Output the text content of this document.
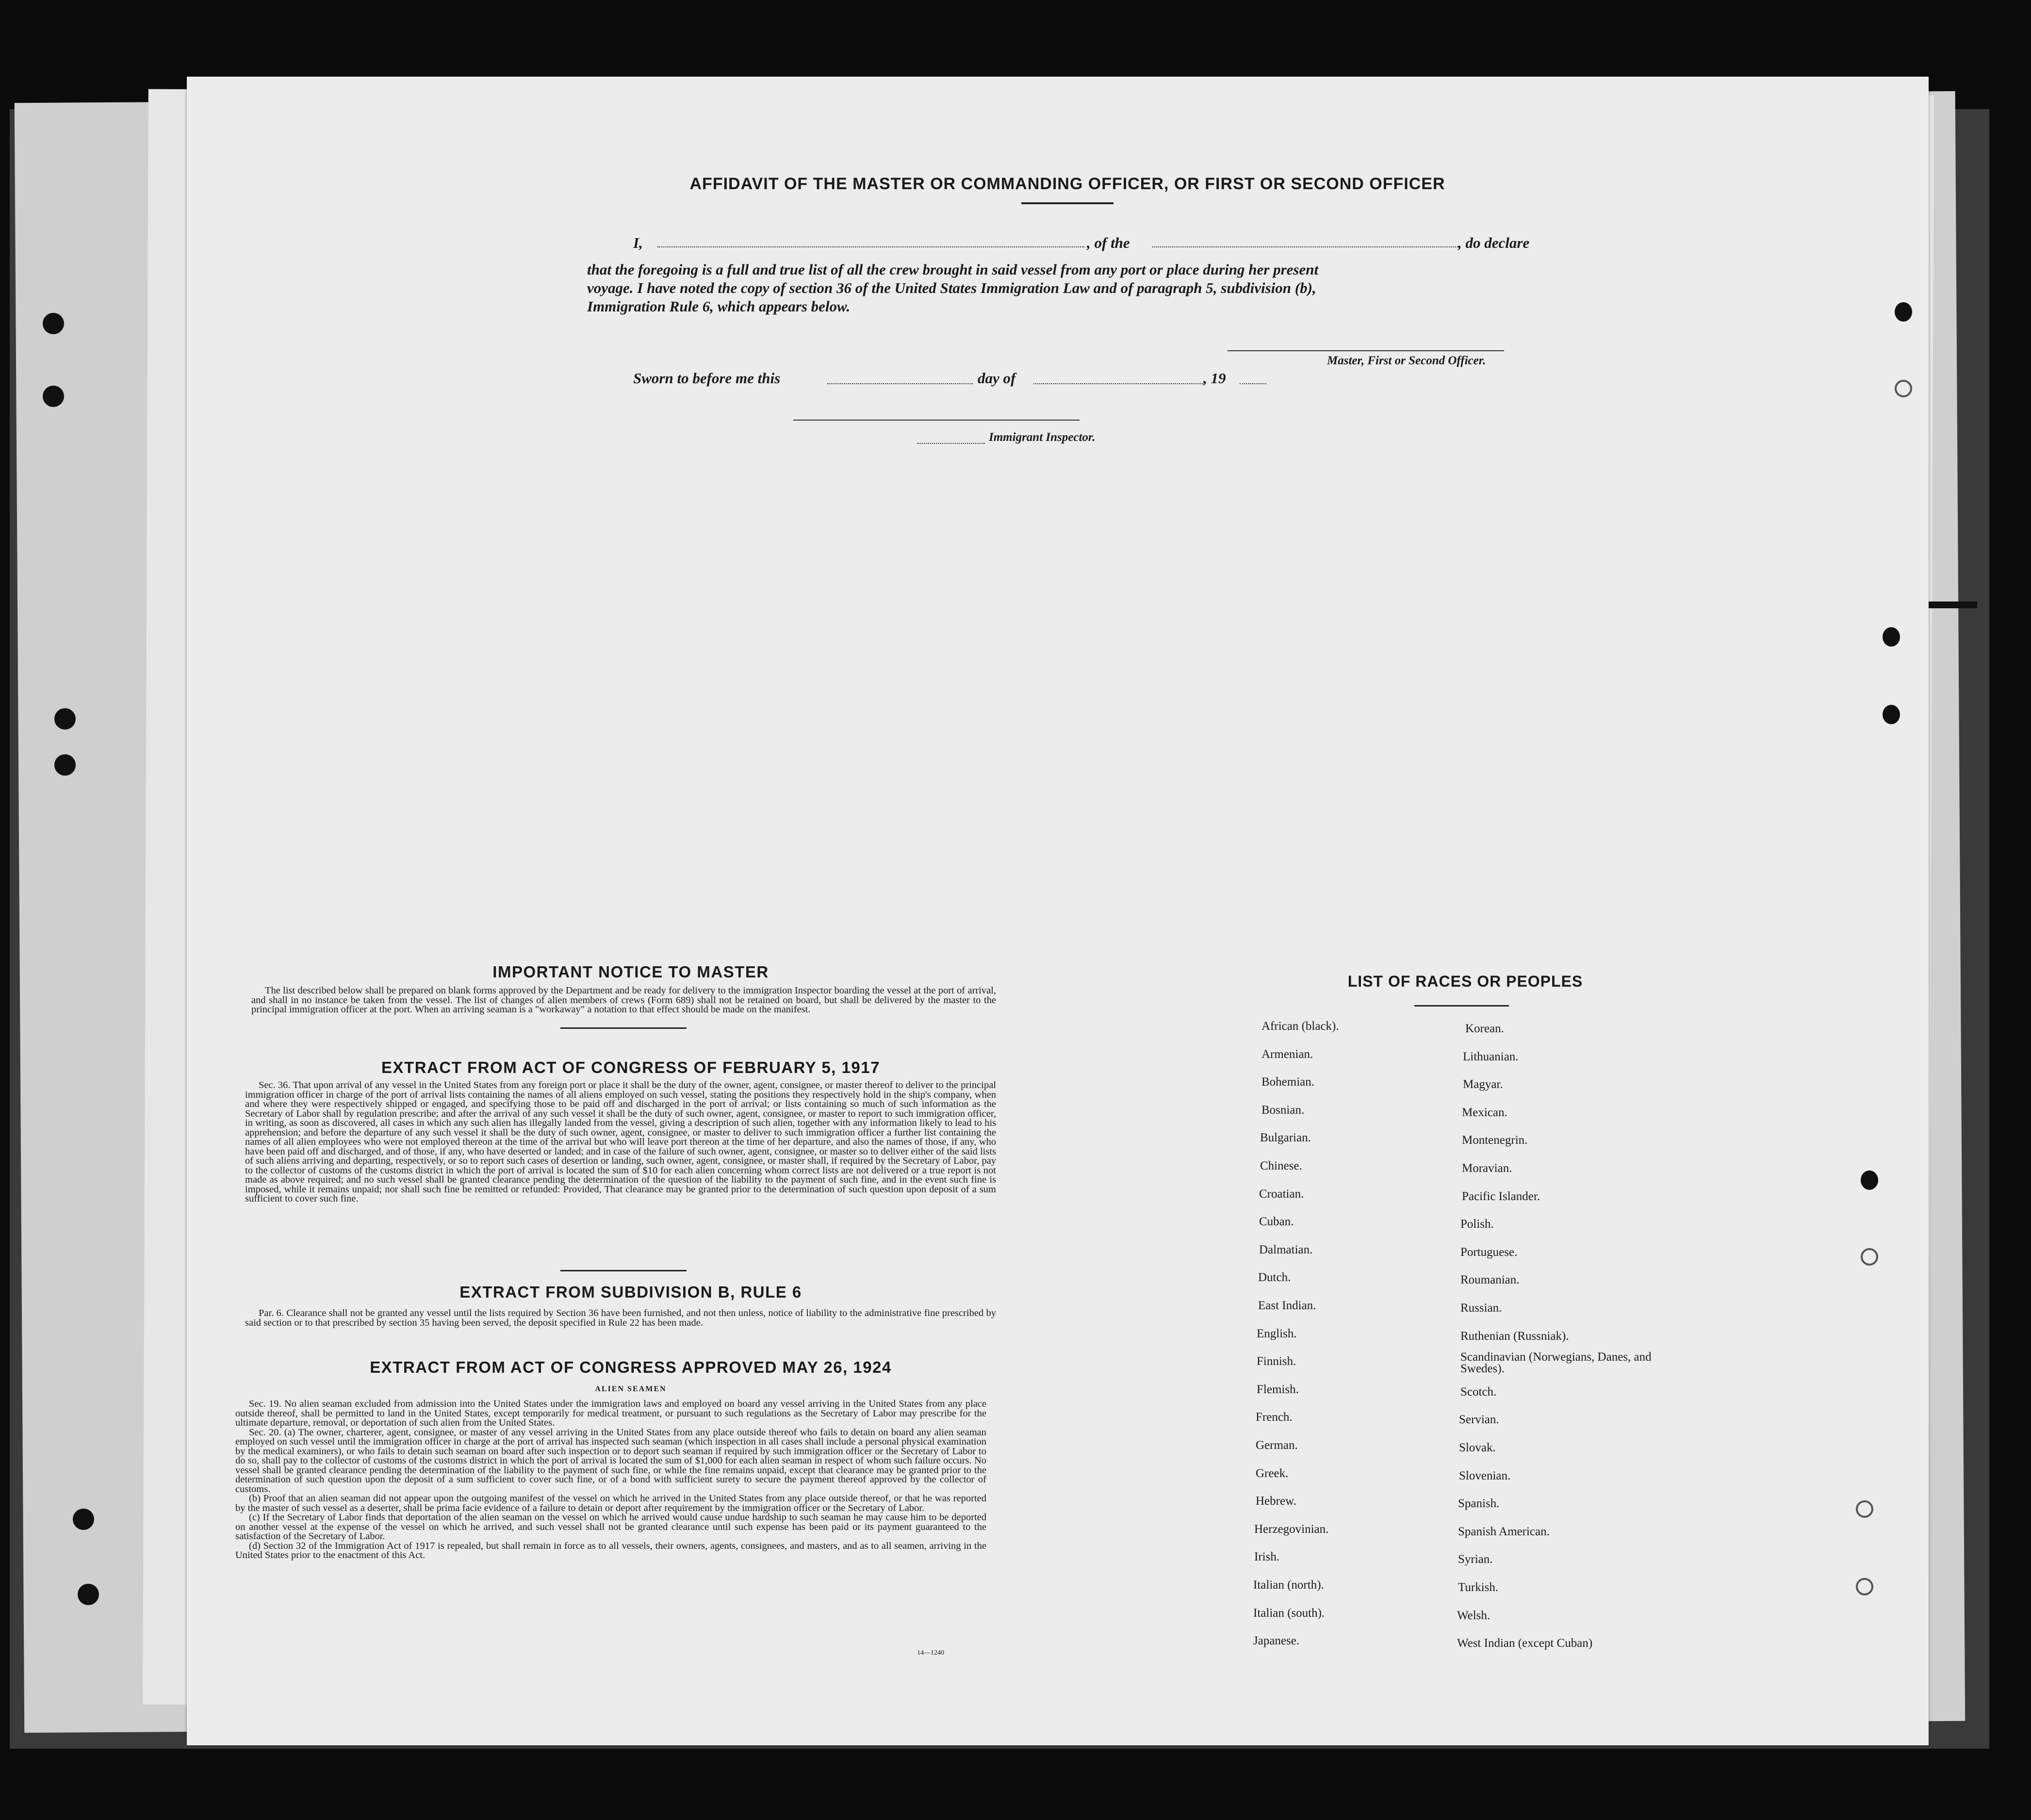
AFFIDAVIT OF THE MASTER OR COMMANDING OFFICER, OR FIRST OR SECOND OFFICER
I,	, of the	, do declare
that the foregoing is a full and true list of all the crew brought in said vessel from any port or place during her present
voyage. I have noted the copy of section 36 of the United States Immigration Law and of paragraph 5, subdivision (b),
Immigration Rule 6, which appears below.
Master, First or Second Officer.
Sworn to before me this	day of	, 19
Immigrant Inspector.
IMPORTANT NOTICE TO MASTER

The list described below shall be prepared on blank forms approved by the Department and be ready for delivery to the immigration Inspector boarding the vessel at the port of arrival, and shall in no instance be taken from the vessel. The list of changes of alien members of crews (Form 689) shall not be retained on board, but shall be delivered by the master to the principal immigration officer at the port. When an arriving seaman is a "workaway" a notation to that effect should be made on the manifest.

EXTRACT FROM ACT OF CONGRESS OF FEBRUARY 5, 1917

Sec. 36. That upon arrival of any vessel in the United States from any foreign port or place it shall be the duty of the owner, agent, consignee, or master thereof to deliver to the principal immigration officer in charge of the port of arrival lists containing the names of all aliens employed on such vessel, stating the positions they respectively hold in the ship's company, when and where they were respectively shipped or engaged, and specifying those to be paid off and discharged in the port of arrival; or lists containing so much of such information as the Secretary of Labor shall by regulation prescribe; and after the arrival of any such vessel it shall be the duty of such owner, agent, consignee, or master to report to such immigration officer, in writing, as soon as discovered, all cases in which any such alien has illegally landed from the vessel, giving a description of such alien, together with any information likely to lead to his apprehension; and before the departure of any such vessel it shall be the duty of such owner, agent, consignee, or master to deliver to such immigration officer a further list containing the names of all alien employees who were not employed thereon at the time of the arrival but who will leave port thereon at the time of her departure, and also the names of those, if any, who have been paid off and discharged, and of those, if any, who have deserted or landed; and in case of the failure of such owner, agent, consignee, or master so to deliver either of the said lists of such aliens arriving and departing, respectively, or so to report such cases of desertion or landing, such owner, agent, consignee, or master shall, if required by the Secretary of Labor, pay to the collector of customs of the customs district in which the port of arrival is located the sum of $10 for each alien concerning whom correct lists are not delivered or a true report is not made as above required; and no such vessel shall be granted clearance pending the determination of the question of the liability to the payment of such fine, and in the event such fine is imposed, while it remains unpaid; nor shall such fine be remitted or refunded: Provided, That clearance may be granted prior to the determination of such question upon deposit of a sum sufficient to cover such fine.

EXTRACT FROM SUBDIVISION B, RULE 6

Par. 6. Clearance shall not be granted any vessel until the lists required by Section 36 have been furnished, and not then unless, notice of liability to the administrative fine prescribed by said section or to that prescribed by section 35 having been served, the deposit specified in Rule 22 has been made.

EXTRACT FROM ACT OF CONGRESS APPROVED MAY 26, 1924
ALIEN SEAMEN

Sec. 19. No alien seaman excluded from admission into the United States under the immigration laws and employed on board any vessel arriving in the United States from any place outside thereof, shall be permitted to land in the United States, except temporarily for medical treatment, or pursuant to such regulations as the Secretary of Labor may prescribe for the ultimate departure, removal, or deportation of such alien from the United States.

Sec. 20. (a) The owner, charterer, agent, consignee, or master of any vessel arriving in the United States from any place outside thereof who fails to detain on board any alien seaman employed on such vessel until the immigration officer in charge at the port of arrival has inspected such seaman (which inspection in all cases shall include a personal physical examination by the medical examiners), or who fails to detain such seaman on board after such inspection or to deport such seaman if required by such immigration officer or the Secretary of Labor to do so, shall pay to the collector of customs of the customs district in which the port of arrival is located the sum of $1,000 for each alien seaman in respect of whom such failure occurs. No vessel shall be granted clearance pending the determination of the liability to the payment of such fine, or while the fine remains unpaid, except that clearance may be granted prior to the determination of such question upon the deposit of a sum sufficient to cover such fine, or of a bond with sufficient surety to secure the payment thereof approved by the collector of customs.

(b) Proof that an alien seaman did not appear upon the outgoing manifest of the vessel on which he arrived in the United States from any place outside thereof, or that he was reported by the master of such vessel as a deserter, shall be prima facie evidence of a failure to detain or deport after requirement by the immigration officer or the Secretary of Labor.

(c) If the Secretary of Labor finds that deportation of the alien seaman on the vessel on which he arrived would cause undue hardship to such seaman he may cause him to be deported on another vessel at the expense of the vessel on which he arrived, and such vessel shall not be granted clearance until such expense has been paid or its payment guaranteed to the satisfaction of the Secretary of Labor.

(d) Section 32 of the Immigration Act of 1917 is repealed, but shall remain in force as to all vessels, their owners, agents, consignees, and masters, and as to all seamen, arriving in the United States prior to the enactment of this Act.

14—1240
LIST OF RACES OR PEOPLES
African (black).
Armenian.
Bohemian.
Bosnian.
Bulgarian.
Chinese.
Croatian.
Cuban.
Dalmatian.
Dutch.
East Indian.
English.
Finnish.
Flemish.
French.
German.
Greek.
Hebrew.
Herzegovinian.
Irish.
Italian (north).
Italian (south).
Japanese.
Korean.
Lithuanian.
Magyar.
Mexican.
Montenegrin.
Moravian.
Pacific Islander.
Polish.
Portuguese.
Roumanian.
Russian.
Ruthenian (Russniak).
Scandinavian (Norwegians, Danes, and Swedes).
Scotch.
Servian.
Slovak.
Slovenian.
Spanish.
Spanish American.
Syrian.
Turkish.
Welsh.
West Indian (except Cuban)
